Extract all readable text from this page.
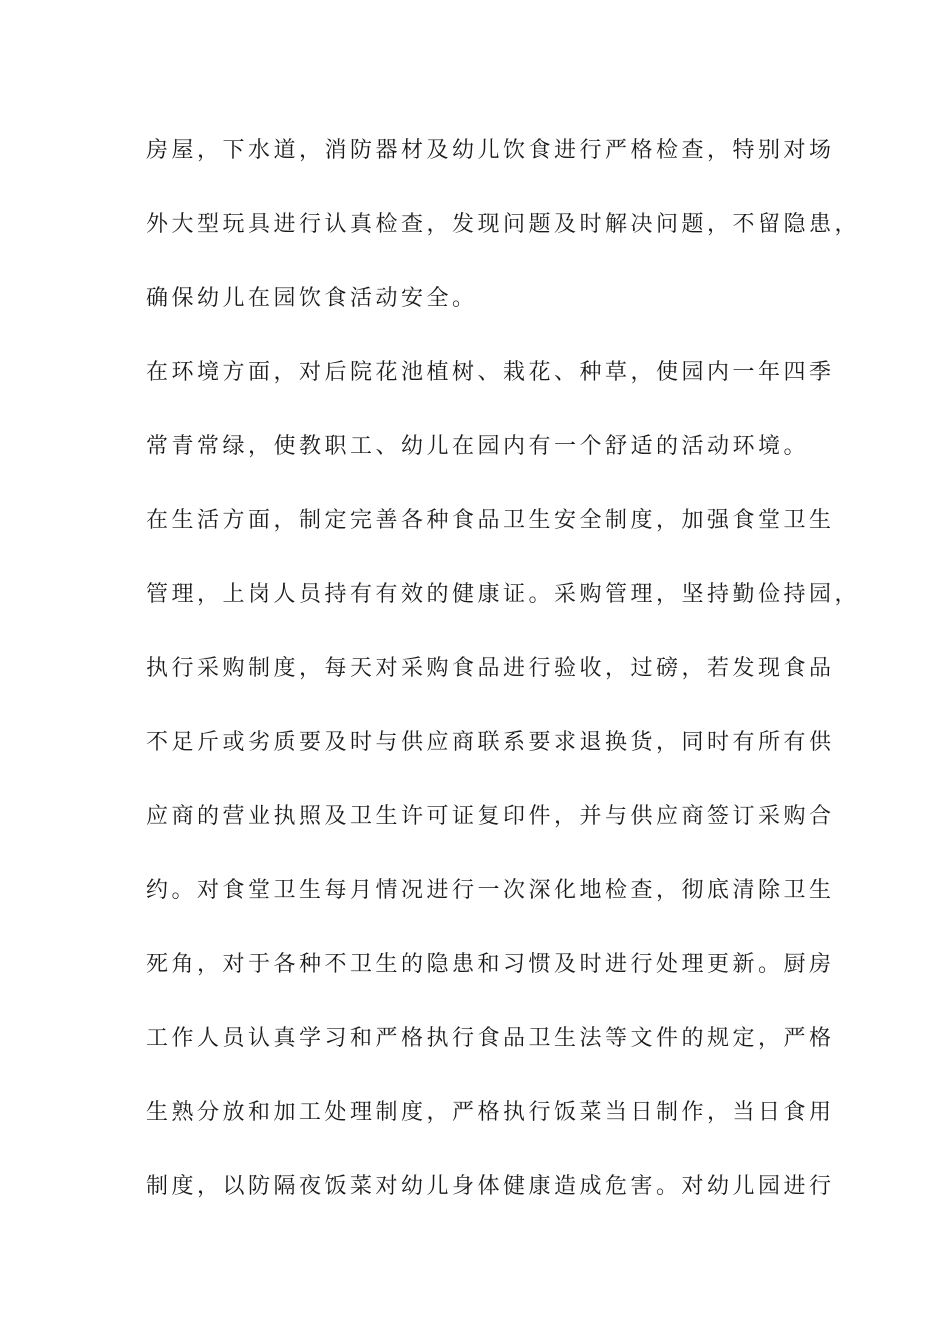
房屋，下水道，消防器材及幼儿饮食进行严格检查，特别对场
外大型玩具进行认真检查，发现问题及时解决问题，不留隐患，
确保幼儿在园饮食活动安全。
在环境方面，对后院花池植树、栽花、种草，使园内一年四季
常青常绿，使教职工、幼儿在园内有一个舒适的活动环境。
在生活方面，制定完善各种食品卫生安全制度，加强食堂卫生
管理，上岗人员持有有效的健康证。采购管理，坚持勤俭持园，
执行采购制度，每天对采购食品进行验收，过磅，若发现食品
不足斤或劣质要及时与供应商联系要求退换货，同时有所有供
应商的营业执照及卫生许可证复印件，并与供应商签订采购合
约。对食堂卫生每月情况进行一次深化地检查，彻底清除卫生
死角，对于各种不卫生的隐患和习惯及时进行处理更新。厨房
工作人员认真学习和严格执行食品卫生法等文件的规定，严格
生熟分放和加工处理制度，严格执行饭菜当日制作，当日食用
制度，以防隔夜饭菜对幼儿身体健康造成危害。对幼儿园进行
